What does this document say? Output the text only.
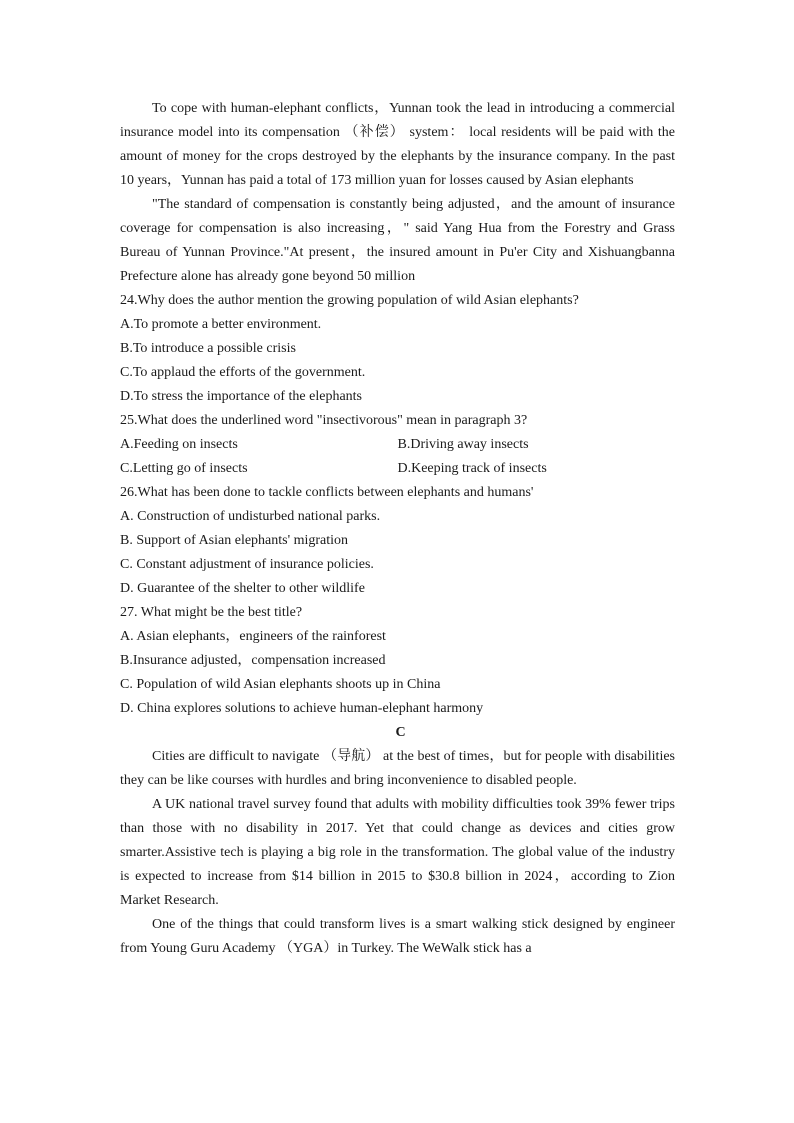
To cope with human-elephant conflicts，Yunnan took the lead in introducing a commercial insurance model into its compensation （补偿） system： local residents will be paid with the amount of money for the crops destroyed by the elephants by the insurance company. In the past 10 years，Yunnan has paid a total of 173 million yuan for losses caused by Asian elephants

"The standard of compensation is constantly being adjusted，and the amount of insurance coverage for compensation is also increasing，" said Yang Hua from the Forestry and Grass Bureau of Yunnan Province."At present，the insured amount in Pu'er City and Xishuangbanna Prefecture alone has already gone beyond 50 million

24.Why does the author mention the growing population of wild Asian elephants?

A.To promote a better environment.

B.To introduce a possible crisis

C.To applaud the efforts of the government.

D.To stress the importance of the elephants

25.What does the underlined word "insectivorous" mean in paragraph 3?

A.Feeding on insects	B.Driving away insects
C.Letting go of insects	D.Keeping track of insects

26.What has been done to tackle conflicts between elephants and humans'

A. Construction of undisturbed national parks.

B. Support of Asian elephants' migration

C. Constant adjustment of insurance policies.

D. Guarantee of the shelter to other wildlife

27. What might be the best title?

A. Asian elephants，engineers of the rainforest

B.Insurance adjusted，compensation increased

C. Population of wild Asian elephants shoots up in China

D. China explores solutions to achieve human-elephant harmony

C

Cities are difficult to navigate （导航） at the best of times，but for people with disabilities they can be like courses with hurdles and bring inconvenience to disabled people.

A UK national travel survey found that adults with mobility difficulties took 39% fewer trips than those with no disability in 2017. Yet that could change as devices and cities grow smarter.Assistive tech is playing a big role in the transformation. The global value of the industry is expected to increase from $14 billion in 2015 to $30.8 billion in 2024，according to Zion Market Research.

One of the things that could transform lives is a smart walking stick designed by engineer from Young Guru Academy （YGA）in Turkey. The WeWalk stick has a
